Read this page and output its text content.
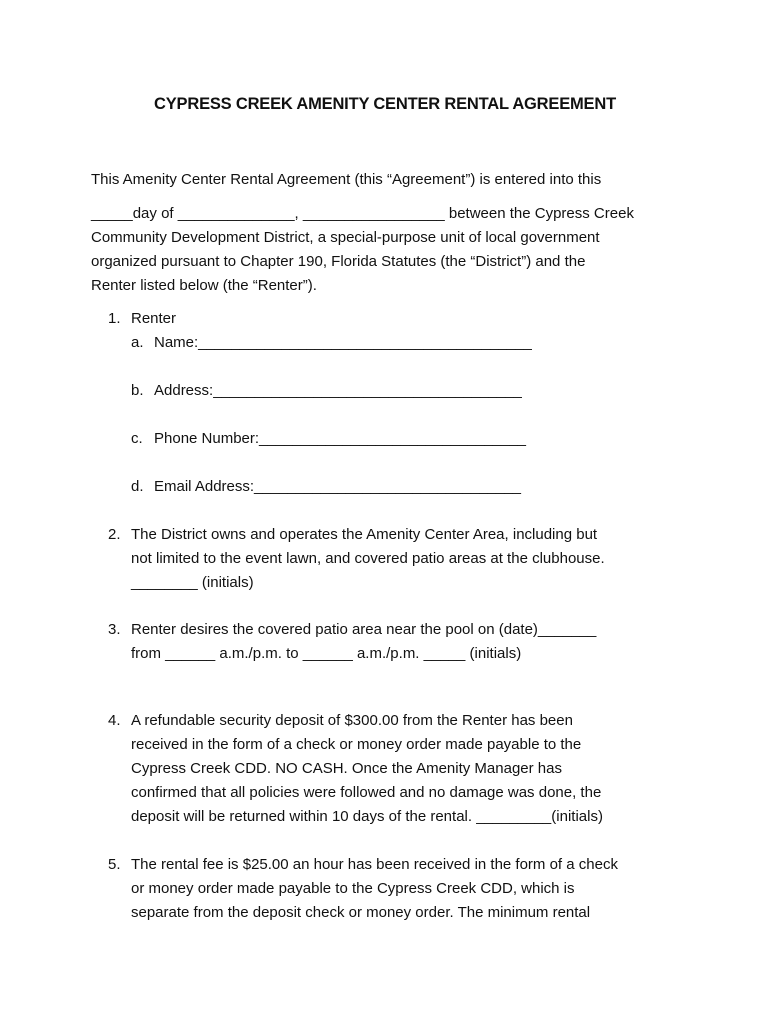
CYPRESS CREEK AMENITY CENTER RENTAL AGREEMENT

This Amenity Center Rental Agreement (this “Agreement”) is entered into this

_____day of ______________, _________________ between the Cypress Creek

Community Development District, a special-purpose unit of local government

organized pursuant to Chapter 190, Florida Statutes (the “District”) and the

Renter listed below (the “Renter”).

1. Renter
a. Name:________________________________________
b. Address:_____________________________________
c. Phone Number:________________________________
d. Email Address:________________________________
2. The District owns and operates the Amenity Center Area, including but
not limited to the event lawn, and covered patio areas at the clubhouse.
________ (initials)
3. Renter desires the covered patio area near the pool on (date)_______
from ______ a.m./p.m. to ______ a.m./p.m. _____ (initials)
4. A refundable security deposit of $300.00 from the Renter has been
received in the form of a check or money order made payable to the
Cypress Creek CDD. NO CASH. Once the Amenity Manager has
confirmed that all policies were followed and no damage was done, the
deposit will be returned within 10 days of the rental. _________(initials)
5. The rental fee is $25.00 an hour has been received in the form of a check
or money order made payable to the Cypress Creek CDD, which is
separate from the deposit check or money order. The minimum rental
